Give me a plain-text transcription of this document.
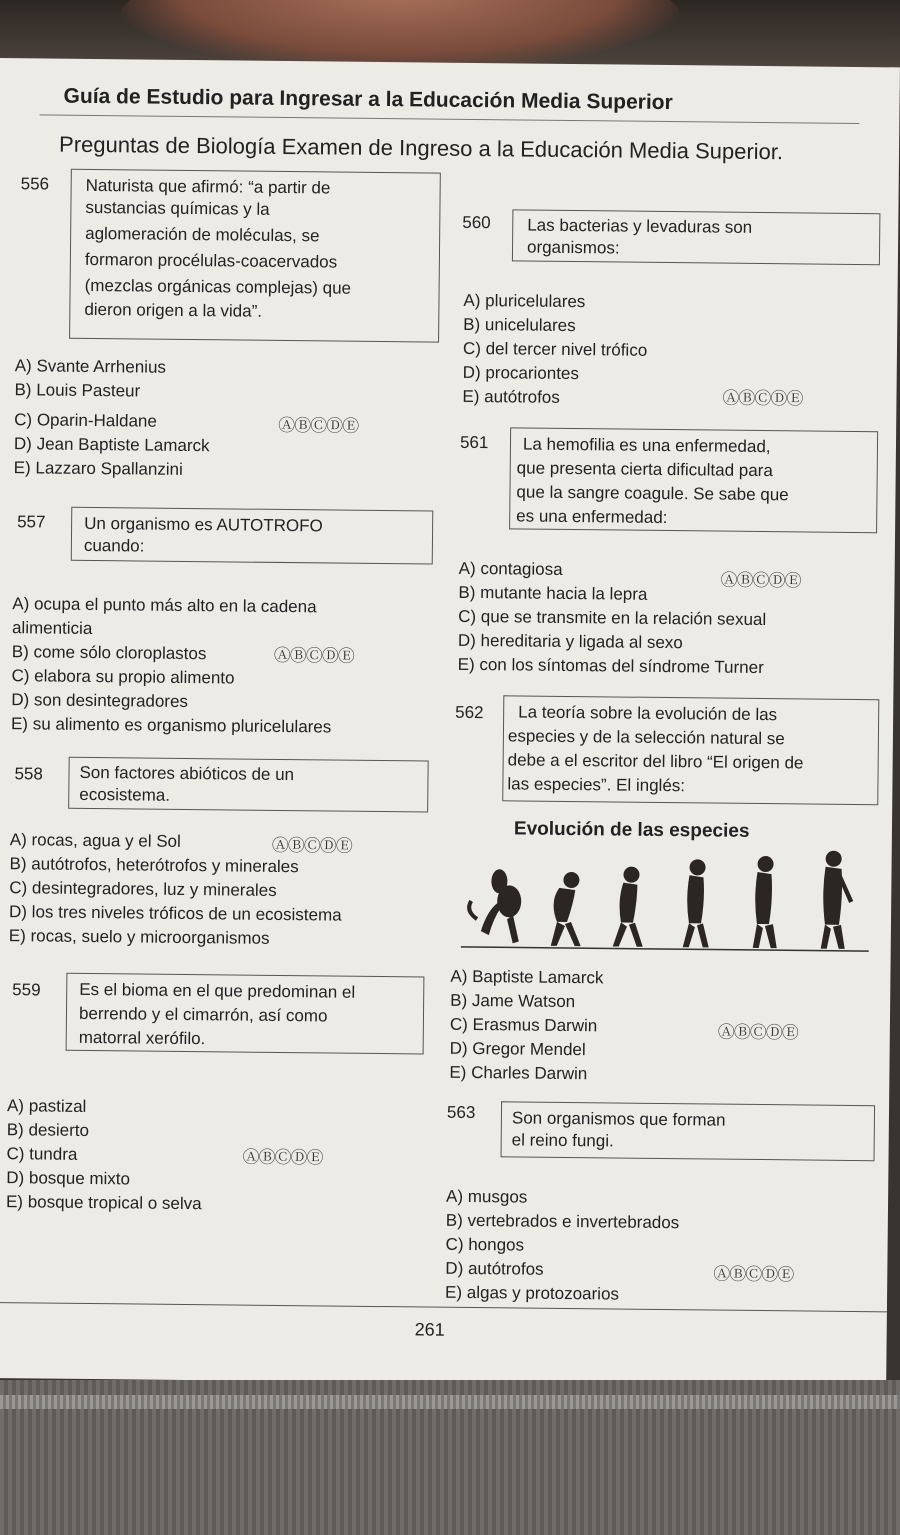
Guía de Estudio para Ingresar a la Educación Media Superior
Preguntas de Biología Examen de Ingreso a la Educación Media Superior.
556 Naturista que afirmó: “a partir de
sustancias químicas y la
aglomeración de moléculas, se
formaron procélulas-coacervados
(mezclas orgánicas complejas) que
dieron origen a la vida”.
A) Svante Arrhenius
B) Louis Pasteur
C) Oparin-Haldane	ⒶⒷⒸⒹⒺ
D) Jean Baptiste Lamarck
E) Lazzaro Spallanzini
557 Un organismo es AUTOTROFO
cuando:
A) ocupa el punto más alto en la cadena
alimenticia
B) come sólo cloroplastos	ⒶⒷⒸⒹⒺ
C) elabora su propio alimento
D) son desintegradores
E) su alimento es organismo pluricelulares
558 Son factores abióticos de un
ecosistema.
A) rocas, agua y el Sol	ⒶⒷⒸⒹⒺ
B) autótrofos, heterótrofos y minerales
C) desintegradores, luz y minerales
D) los tres niveles tróficos de un ecosistema
E) rocas, suelo y microorganismos
559 Es el bioma en el que predominan el
berrendo y el cimarrón, así como
matorral xerófilo.
A) pastizal
B) desierto
C) tundra	ⒶⒷⒸⒹⒺ
D) bosque mixto
E) bosque tropical o selva
560 Las bacterias y levaduras son
organismos:
A) pluricelulares
B) unicelulares
C) del tercer nivel trófico
D) procariontes
E) autótrofos	ⒶⒷⒸⒹⒺ
561 La hemofilia es una enfermedad,
que presenta cierta dificultad para
que la sangre coagule. Se sabe que
es una enfermedad:
A) contagiosa
B) mutante hacia la lepra
ⒶⒷⒸⒹⒺ
C) que se transmite en la relación sexual
D) hereditaria y ligada al sexo
E) con los síntomas del síndrome Turner
562 La teoría sobre la evolución de las
especies y de la selección natural se
debe a el escritor del libro “El origen de
las especies”. El inglés:
Evolución de las especies
A) Baptiste Lamarck
B) Jame Watson
C) Erasmus Darwin	ⒶⒷⒸⒹⒺ
D) Gregor Mendel
E) Charles Darwin
563 Son organismos que forman
el reino fungi.
A) musgos
B) vertebrados e invertebrados
C) hongos
D) autótrofos	ⒶⒷⒸⒹⒺ
E) algas y protozoarios
261
